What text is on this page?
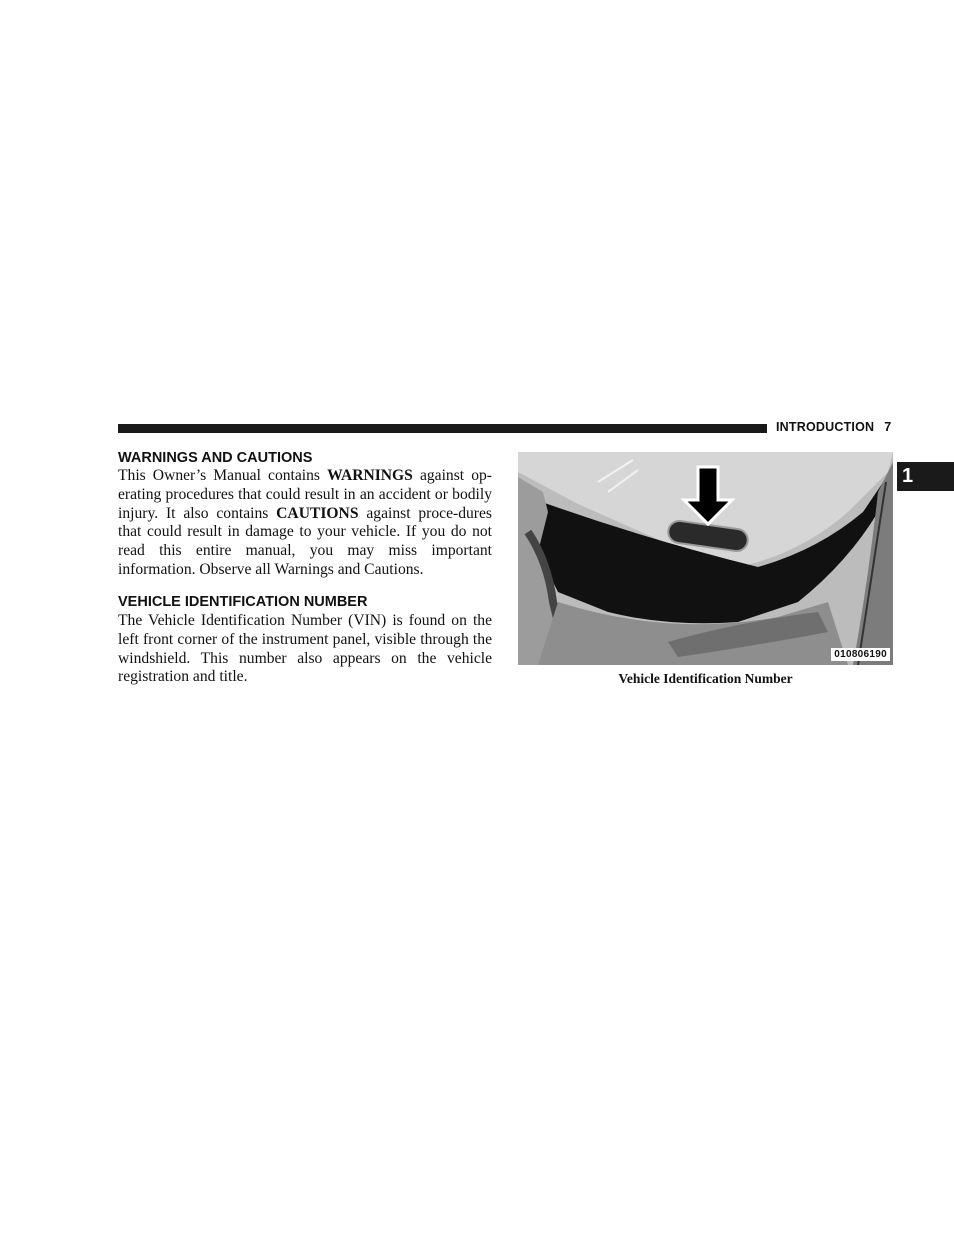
INTRODUCTION 7
1
WARNINGS AND CAUTIONS

This Owner’s Manual contains WARNINGS against op-erating procedures that could result in an accident or bodily injury. It also contains CAUTIONS against proce-dures that could result in damage to your vehicle. If you do not read this entire manual, you may miss important information. Observe all Warnings and Cautions.

VEHICLE IDENTIFICATION NUMBER

The Vehicle Identification Number (VIN) is found on the left front corner of the instrument panel, visible through the windshield. This number also appears on the vehicle registration and title.

010806190
Vehicle Identification Number
